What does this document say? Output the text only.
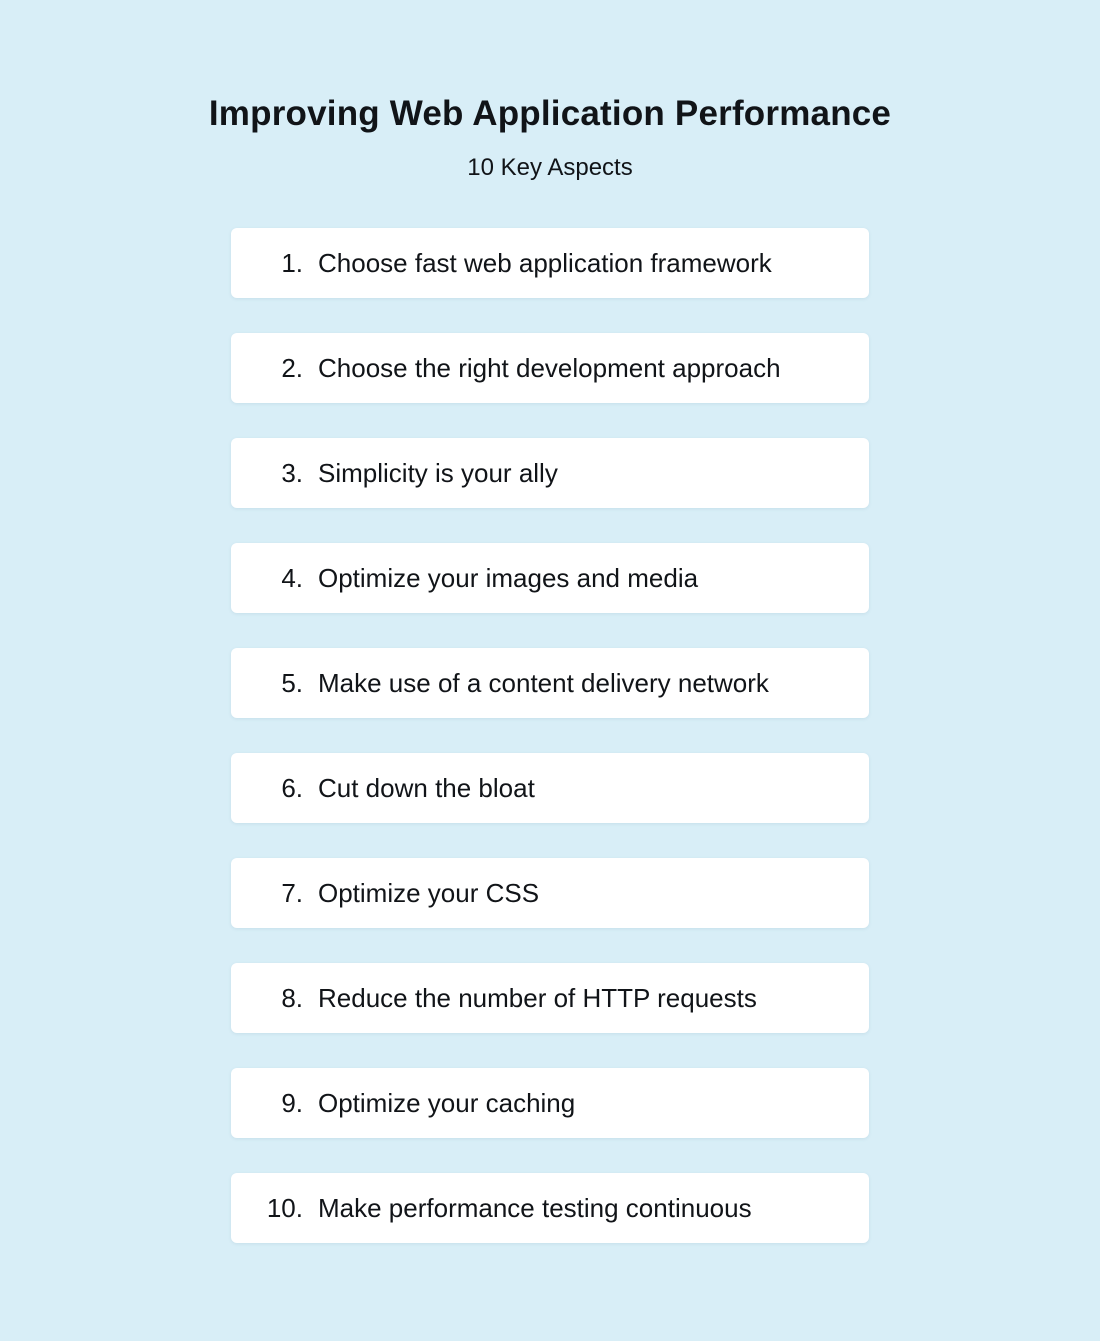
Improving Web Application Performance
10 Key Aspects
1. Choose fast web application framework
2. Choose the right development approach
3. Simplicity is your ally
4. Optimize your images and media
5. Make use of a content delivery network
6. Cut down the bloat
7. Optimize your CSS
8. Reduce the number of HTTP requests
9. Optimize your caching
10. Make performance testing continuous
